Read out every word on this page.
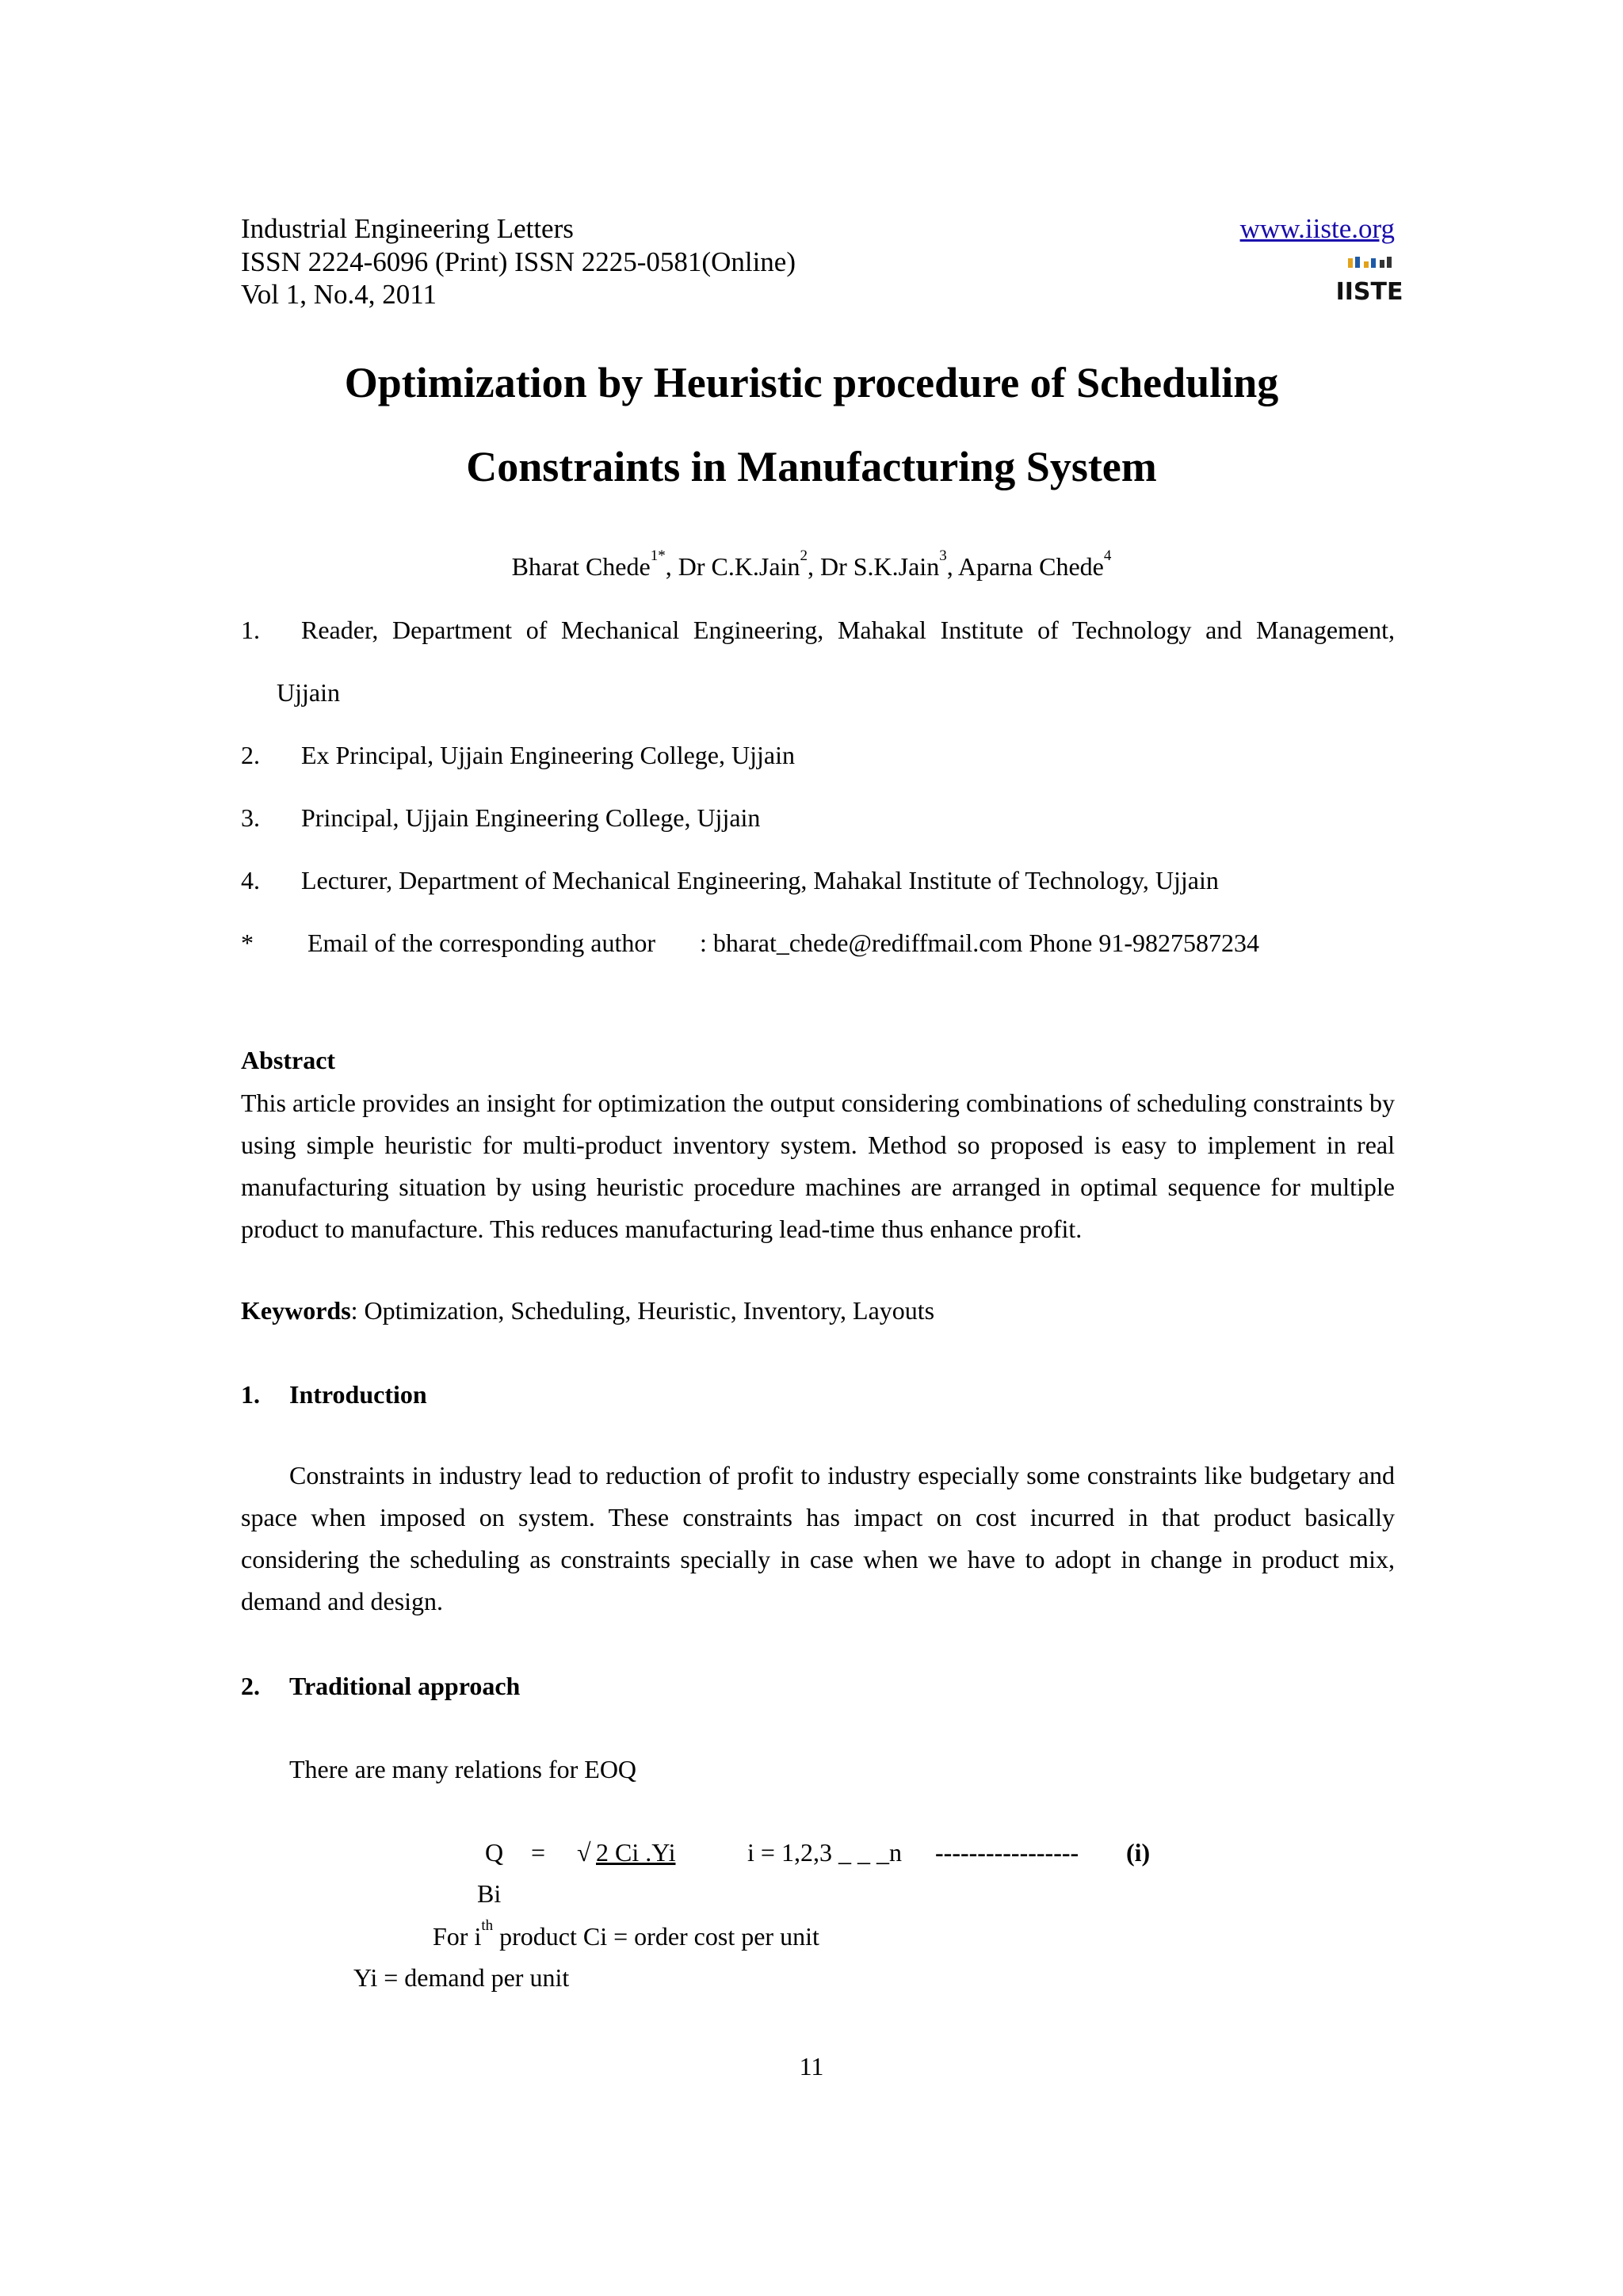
Industrial Engineering Letters
ISSN 2224-6096 (Print) ISSN 2225-0581(Online)
Vol 1, No.4, 2011
www.iiste.org
IISTE
Optimization by Heuristic procedure of Scheduling
Constraints in Manufacturing System
Bharat Chede$^{1*}$, Dr C.K.Jain$^2$, Dr S.K.Jain$^3$, Aparna Chede$^4$
1. Reader, Department of Mechanical Engineering, Mahakal Institute of Technology and Management,
Ujjain
2. Ex Principal, Ujjain Engineering College, Ujjain
3. Principal, Ujjain Engineering College, Ujjain
4. Lecturer, Department of Mechanical Engineering, Mahakal Institute of Technology, Ujjain
* Email of the corresponding author : bharat_chede@rediffmail.com Phone 91-9827587234
Abstract
This article provides an insight for optimization the output considering combinations of scheduling constraints by using simple heuristic for multi-product inventory system. Method so proposed is easy to implement in real manufacturing situation by using heuristic procedure machines are arranged in optimal sequence for multiple product to manufacture. This reduces manufacturing lead-time thus enhance profit.
Keywords: Optimization, Scheduling, Heuristic, Inventory, Layouts
1. Introduction
Constraints in industry lead to reduction of profit to industry especially some constraints like budgetary and space when imposed on system. These constraints has impact on cost incurred in that product basically considering the scheduling as constraints specially in case when we have to adopt in change in product mix, demand and design.
2. Traditional approach
There are many relations for EOQ
Q = √ 2 Ci .Yi	i = 1,2,3 _ _ _n ----------------- (i)
Bi
For $i^{th}$ product Ci = order cost per unit
Yi = demand per unit
11
